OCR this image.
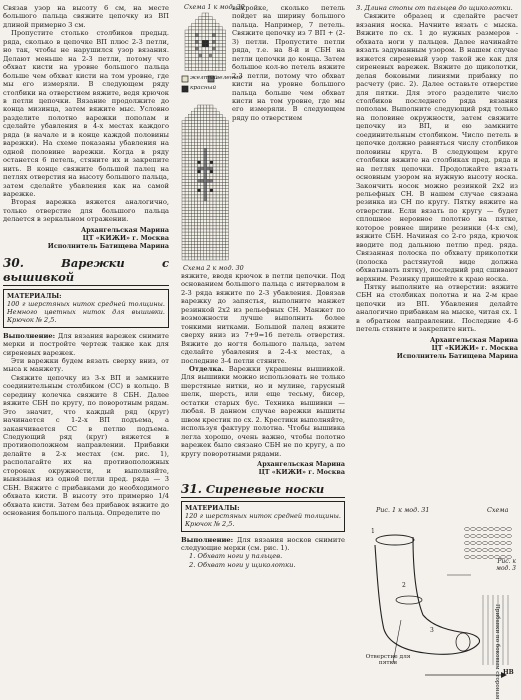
Связав узор на высоту 6 см, на месте большого пальца свяжите цепочку из ВП длиной примерно 3 см.

Пропустите столько столбиков предыд. ряда, сколько в цепочке ВП плюс 2-3 петли, но так, чтобы не нарушился узор вязания. Делают меньше на 2-3 петли, потому что обхват кисти на уровне большого пальца больше чем обхват кисти на том уровне, где мы его измеряли. В следующем ряду столбики на отверстием вяжите, ведя крючок в петли цепочки. Вязание продолжите до конца мизинца, затем вяжите мыс. Условно разделите полотно варежки пополам и сделайте убавления в 4-х местах каждого ряда (в начале и в конце каждой половины варежки). На схеме показаны убавления на одной половине варежки. Когда в ряду останется 6 петель, стяните их и закрепите нить. В конце свяжите большой палец на петлях отверстия на высоту большого пальца, затем сделайте убавления как на самой варежке.

Вторая варежка вяжется аналогично, только отверстие для большого пальца делается в зеркальном отражении.

Архангельская Марина
ЦТ «КИЖИ» г. Москва
Исполнитель Батищева Марина
30.	Варежки с вышивкой
МАТЕРИАЛЫ:
100 г шерстяных ниток средней толщины. Немного цветных ниток для вышивки. Крючок № 2,5.

Выполнение: Для вязания варежек снимите мерки и постройте чертеж также как для сиреневых варежек.

Эти варежки будем вязать сверху вниз, от мыса к манжету.

Свяжите цепочку из 3-х ВП и замкните соединительным столбиком (СС) в кольцо. В середину колечка свяжите 8 СБН. Далее вяжите СБН по кругу, по поворотным рядам. Это значит, что каждый ряд (круг) начинается с 1-2-х ВП подъема, а заканчивается СС в петлю подъема. Следующий ряд (круг) вяжется в противоположном направлении. Прибавки делайте в 2-х местах (см. рис. 1), располагайте их на противоположных сторонах окружности, и выполняйте, вывязывая из одной петли пред. ряда — 3 СБН. Вяжите с прибавками до необходимого обхвата кисти. В высоту это примерно 1/4 обхвата кисти. Затем без прибавок вяжите до основания большого пальца. Определите по

Схема 1 к мод. 30
желтый
зеленый
красный
Схема 2 к мод. 30

выкройке, сколько петель пойдет на ширину большого пальца. Например, 7 петель. Свяжите цепочку из 7 ВП + (2-3) петли. Пропустите петли ряда, т.е. на 8-й и СБН на петли цепочки до конца. Затем большое кол-во петель вяжите 2-3 петли, потому что обхват кисти на уровне большого пальца больше чем обхват кисти на том уровне, где мы его измеряли. В следующем ряду по отверстием

вяжите, вводя крючок в петли цепочки. Под основанием большого пальца с интервалом в 2-3 ряда вяжите по 2-3 убавления. Довязав варежку до запястья, выполните манжет резинкой 2х2 из рельефных СН. Манжет по возможности лучше выполнить более тонкими нитками. Большой палец вяжите сверху вниз из 7+9=16 петель отверстия. Вяжите до ногтя большого пальца, затем сделайте убавления в 2-4-х местах, а последние 3-4 петли стяните.

Отделка. Варежки украшены вышивкой. Для вышивки можно использовать не только шерстяные нитки, но и мулине, гарусный шелк, шерсть, или еще тесьму, бисер, остатки старых бус. Техника вышивки — любая. В данном случае варежки вышиты швом крестик по сх. 2. Крестики выполняйте, используя фактуру полотна. Чтобы вышивка легла хорошо, очень важно, чтобы полотно варежек было связано СБН не по кругу, а по кругу поворотными рядами.

Архангельская Марина
ЦТ «КИЖИ» г. Москва
31. Сиреневые носки
МАТЕРИАЛЫ:
120 г шерстяных ниток средней толщины. Крючок № 2,5.

Выполнение: Для вязания носков снимите следующие мерки (см. рис. 1).

1. Обхват ноги у пальцев.

2. Обхват ноги у щиколотки.

3. Длина стопы от пальцев до щиколотки.

Свяжите образец и сделайте расчет вязания носка. Начните вязать с мыска. Вяжите по сх. 1 до нужных размеров - обхвата ноги у пальцев. Далее начинайте вязать задуманным узором. В нашем случае вяжется сиреневый узор такой же как для сиреневых варежек. Вяжите до щиколотки, делая боковыми линиями прибавку по расчету (рис. 2). Далее оставьте отверстие для пятки. Для этого разделите число столбиков последнего ряда вязания пополам. Выполните следующий ряд только на половине окружности, затем свяжите цепочку из ВП, и ею замкните соединительным столбиком. Число петель в цепочке должно равняться числу столбиков половины круга. В следующем круге столбики вяжите на столбиках пред. ряда и на петлях цепочки. Продолжайте вязать основным узором на нужную высоту носка. Закончить носок можно резинкой 2х2 из рельефных СН. В нашем случае связана резинка из СН по кругу. Пятку вяжите на отверстии. Если вязать по кругу — будет сплошное неровное полотно на пятке, которое ровнее ширине резинки (4-х см), вяжите СБН. Начиная со 2-го ряда, крючок вводите под дальнюю петлю пред. ряда. Связанная полоска по обхвату приколотки (полоска растянутой виде должна обхватывать пятку), последний ряд сшивают верхним. Резинку пришейте к краю носка.

Пятку выполните на отверстии: вяжите СБН на столбиках полотна и на 2-м крае цепочки из ВП. Убавления делайте аналогично прибавкам на мыске, читая сх. 1 в обратном направлении. Последние 4-6 петель стяните и закрепите нить.

Архангельская Марина
ЦТ «КИЖИ» г. Москва
Исполнитель Батищева Марина
Рис. 1 к мод. 31	Схема
Отверстие для пятки	Прибавки по боковым сторонам
Рис. к мод. 3
НВ
1
2
3
